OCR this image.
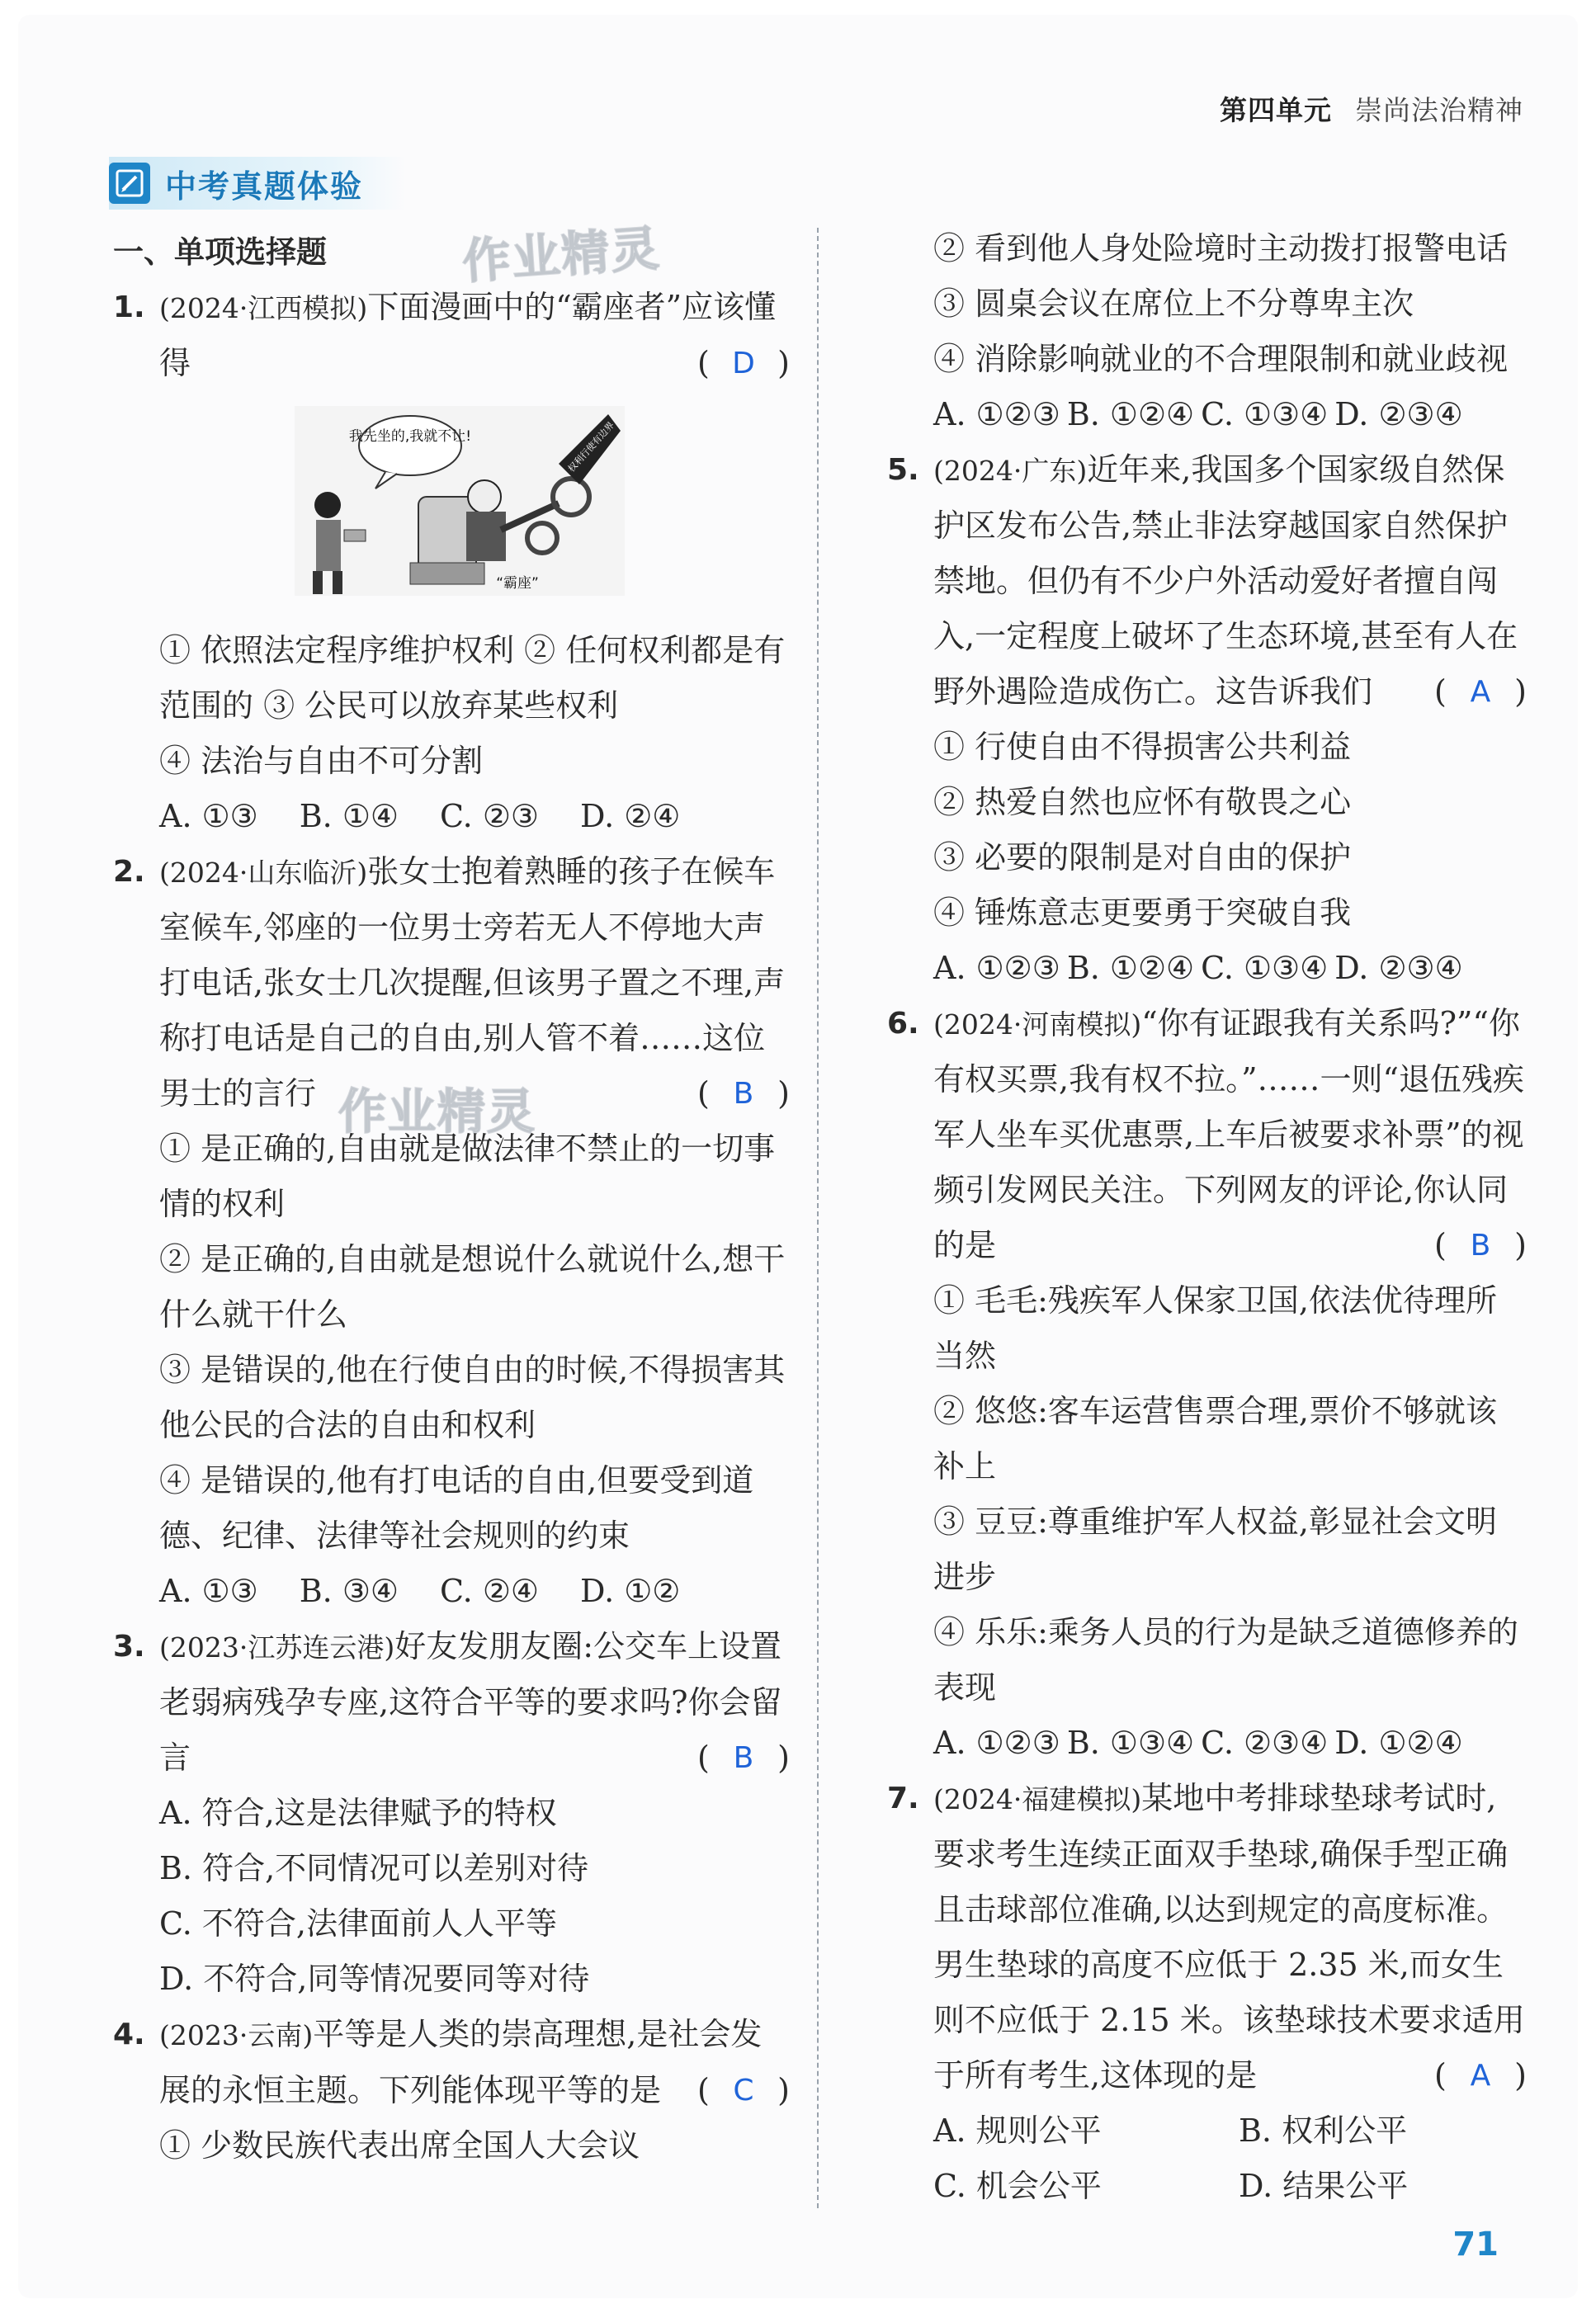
第四单元 崇尚法治精神
中考真题体验
作业精灵
作业精灵
一、单项选择题
1. (2024·江西模拟)下面漫画中的“霸座者”应该懂得	( D )
我先坐的,我就不让!	权利行使有边界
“霸座”
① 依照法定程序维护权利 ② 任何权利都是有范围的 ③ 公民可以放弃某些权利
④ 法治与自由不可分割
A. ①③ B. ①④ C. ②③ D. ②④
2. (2024·山东临沂)张女士抱着熟睡的孩子在候车室候车,邻座的一位男士旁若无人不停地大声打电话,张女士几次提醒,但该男子置之不理,声称打电话是自己的自由,别人管不着……这位男士的言行	( B )
① 是正确的,自由就是做法律不禁止的一切事情的权利
② 是正确的,自由就是想说什么就说什么,想干什么就干什么
③ 是错误的,他在行使自由的时候,不得损害其他公民的合法的自由和权利
④ 是错误的,他有打电话的自由,但要受到道德、纪律、法律等社会规则的约束
A. ①③ B. ③④ C. ②④ D. ①②
3. (2023·江苏连云港)好友发朋友圈:公交车上设置老弱病残孕专座,这符合平等的要求吗?你会留言	( B )
A. 符合,这是法律赋予的特权
B. 符合,不同情况可以差别对待
C. 不符合,法律面前人人平等
D. 不符合,同等情况要同等对待
4. (2023·云南)平等是人类的崇高理想,是社会发展的永恒主题。下列能体现平等的是 ( C )
① 少数民族代表出席全国人大会议
② 看到他人身处险境时主动拨打报警电话
③ 圆桌会议在席位上不分尊卑主次
④ 消除影响就业的不合理限制和就业歧视
A. ①②③ B. ①②④ C. ①③④ D. ②③④
5. (2024·广东)近年来,我国多个国家级自然保护区发布公告,禁止非法穿越国家自然保护禁地。但仍有不少户外活动爱好者擅自闯入,一定程度上破坏了生态环境,甚至有人在野外遇险造成伤亡。这告诉我们 ( A )
① 行使自由不得损害公共利益
② 热爱自然也应怀有敬畏之心
③ 必要的限制是对自由的保护
④ 锤炼意志更要勇于突破自我
A. ①②③ B. ①②④ C. ①③④ D. ②③④
6. (2024·河南模拟)“你有证跟我有关系吗?”“你有权买票,我有权不拉。”……一则“退伍残疾军人坐车买优惠票,上车后被要求补票”的视频引发网民关注。下列网友的评论,你认同的是	( B )
① 毛毛:残疾军人保家卫国,依法优待理所当然
② 悠悠:客车运营售票合理,票价不够就该补上
③ 豆豆:尊重维护军人权益,彰显社会文明进步
④ 乐乐:乘务人员的行为是缺乏道德修养的表现
A. ①②③ B. ①③④ C. ②③④ D. ①②④
7. (2024·福建模拟)某地中考排球垫球考试时,要求考生连续正面双手垫球,确保手型正确且击球部位准确,以达到规定的高度标准。男生垫球的高度不应低于 2.35 米,而女生则不应低于 2.15 米。该垫球技术要求适用于所有考生,这体现的是	( A )
A. 规则公平	B. 权利公平
C. 机会公平	D. 结果公平
71
